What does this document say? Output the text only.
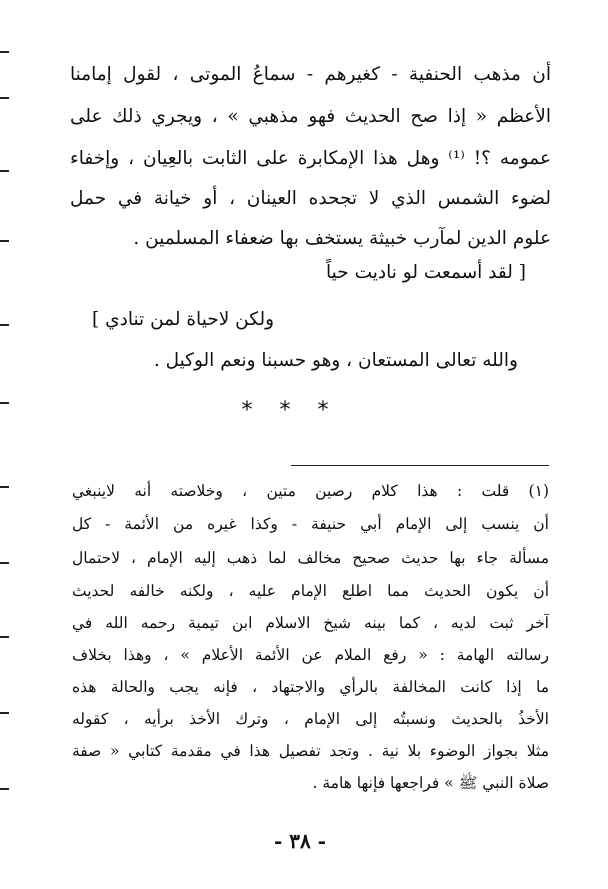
أن مذهب الحنفية - كغيرهم - سماعُ الموتى ، لقول إمامنا
الأعظم « إذا صح الحديث فهو مذهبي » ، ويجري ذلك على
عمومه ؟! ⁽¹⁾ وهل هذا الإمكابرة على الثابت بالعِيان ، وإخفاء
لضوء الشمس الذي لا تجحده العينان ، أو خيانة في حمل
علوم الدين لمآرب خبيثة يستخف بها ضعفاء المسلمين .
[ لقد أسمعت لو ناديت حياً
ولكن لاحياة لمن تنادي ]
والله تعالى المستعان ، وهو حسبنا ونعم الوكيل .
* * *
(١) قلت : هذا كلام رصين متين ، وخلاصته أنه لاينبغي
أن ينسب إلى الإمام أبي حنيفة - وكذا غيره من الأئمة - كل
مسألة جاء بها حديث صحيح مخالف لما ذهب إليه الإمام ، لاحتمال
أن يكون الحديث مما اطلع الإمام عليه ، ولكنه خالفه لحديث
آخر ثبت لديه ، كما بينه شيخ الاسلام ابن تيمية رحمه الله في
رسالته الهامة : « رفع الملام عن الأئمة الأعلام » ، وهذا بخلاف
ما إذا كانت المخالفة بالرأي والاجتهاد ، فإنه يجب والحالة هذه
الأخذُ بالحديث ونسبتُه إلى الإمام ، وترك الأخذ برأيه ، كقوله
مثلا بجواز الوضوء بلا نية . وتجد تفصيل هذا في مقدمة كتابي « صفة
صلاة النبي ﷺ » فراجعها فإنها هامة .
- ٣٨ -
